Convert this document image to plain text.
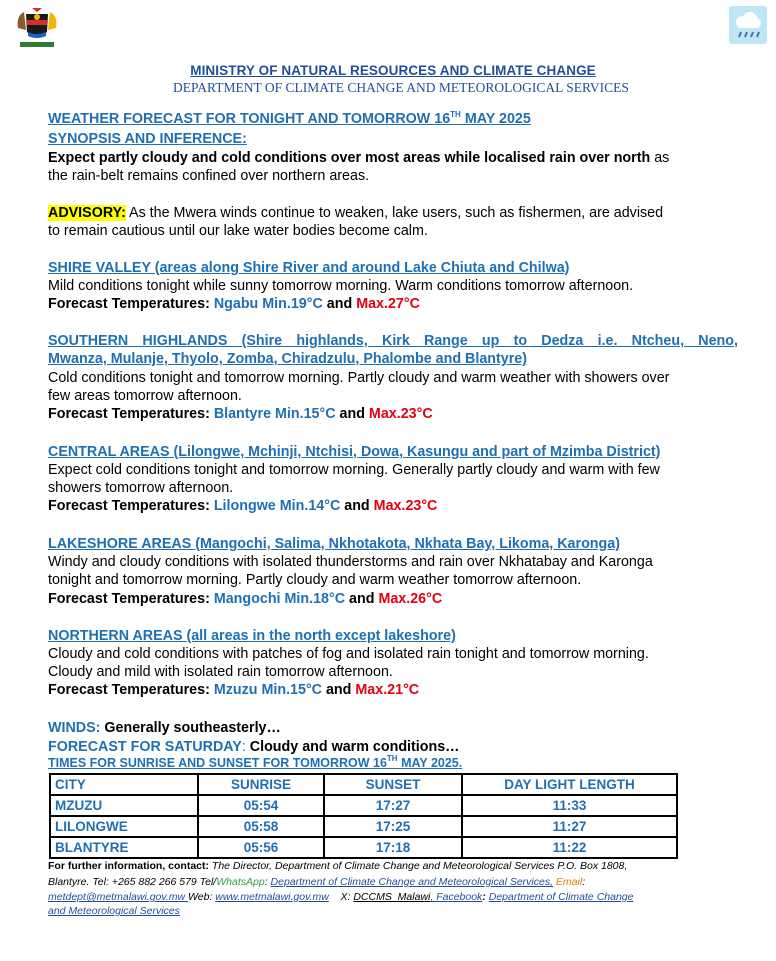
MINISTRY OF NATURAL RESOURCES AND CLIMATE CHANGE
DEPARTMENT OF CLIMATE CHANGE AND METEOROLOGICAL SERVICES
WEATHER FORECAST FOR TONIGHT AND TOMORROW 16TH MAY 2025
SYNOPSIS AND INFERENCE:
Expect partly cloudy and cold conditions over most areas while localised rain over north as
the rain-belt remains confined over northern areas.
ADVISORY: As the Mwera winds continue to weaken, lake users, such as fishermen, are advised
to remain cautious until our lake water bodies become calm.
SHIRE VALLEY (areas along Shire River and around Lake Chiuta and Chilwa)
Mild conditions tonight while sunny tomorrow morning. Warm conditions tomorrow afternoon.
Forecast Temperatures: Ngabu Min.19°C and Max.27°C
SOUTHERN HIGHLANDS (Shire highlands, Kirk Range up to Dedza i.e. Ntcheu, Neno,
Mwanza, Mulanje, Thyolo, Zomba, Chiradzulu, Phalombe and Blantyre)
Cold conditions tonight and tomorrow morning. Partly cloudy and warm weather with showers over
few areas tomorrow afternoon.
Forecast Temperatures: Blantyre Min.15°C and Max.23°C
CENTRAL AREAS (Lilongwe, Mchinji, Ntchisi, Dowa, Kasungu and part of Mzimba District)
Expect cold conditions tonight and tomorrow morning. Generally partly cloudy and warm with few
showers tomorrow afternoon.
Forecast Temperatures: Lilongwe Min.14°C and Max.23°C
LAKESHORE AREAS (Mangochi, Salima, Nkhotakota, Nkhata Bay, Likoma, Karonga)
Windy and cloudy conditions with isolated thunderstorms and rain over Nkhatabay and Karonga
tonight and tomorrow morning. Partly cloudy and warm weather tomorrow afternoon.
Forecast Temperatures: Mangochi Min.18°C and Max.26°C
NORTHERN AREAS (all areas in the north except lakeshore)
Cloudy and cold conditions with patches of fog and isolated rain tonight and tomorrow morning.
Cloudy and mild with isolated rain tomorrow afternoon.
Forecast Temperatures: Mzuzu Min.15°C and Max.21°C
WINDS: Generally southeasterly…
FORECAST FOR SATURDAY: Cloudy and warm conditions…
TIMES FOR SUNRISE AND SUNSET FOR TOMORROW 16TH MAY 2025.
CITY	SUNRISE	SUNSET	DAY LIGHT LENGTH
MZUZU	05:54	17:27	11:33
LILONGWE	05:58	17:25	11:27
BLANTYRE	05:56	17:18	11:22
For further information, contact: The Director, Department of Climate Change and Meteorological Services P.O. Box 1808,
Blantyre. Tel: +265 882 266 579 Tel/WhatsApp: Department of Climate Change and Meteorological Services, Email:
metdept@metmalawi.gov.mw Web: www.metmalawi.gov.mw    X: DCCMS_Malawi, Facebook: Department of Climate Change
and Meteorological Services
